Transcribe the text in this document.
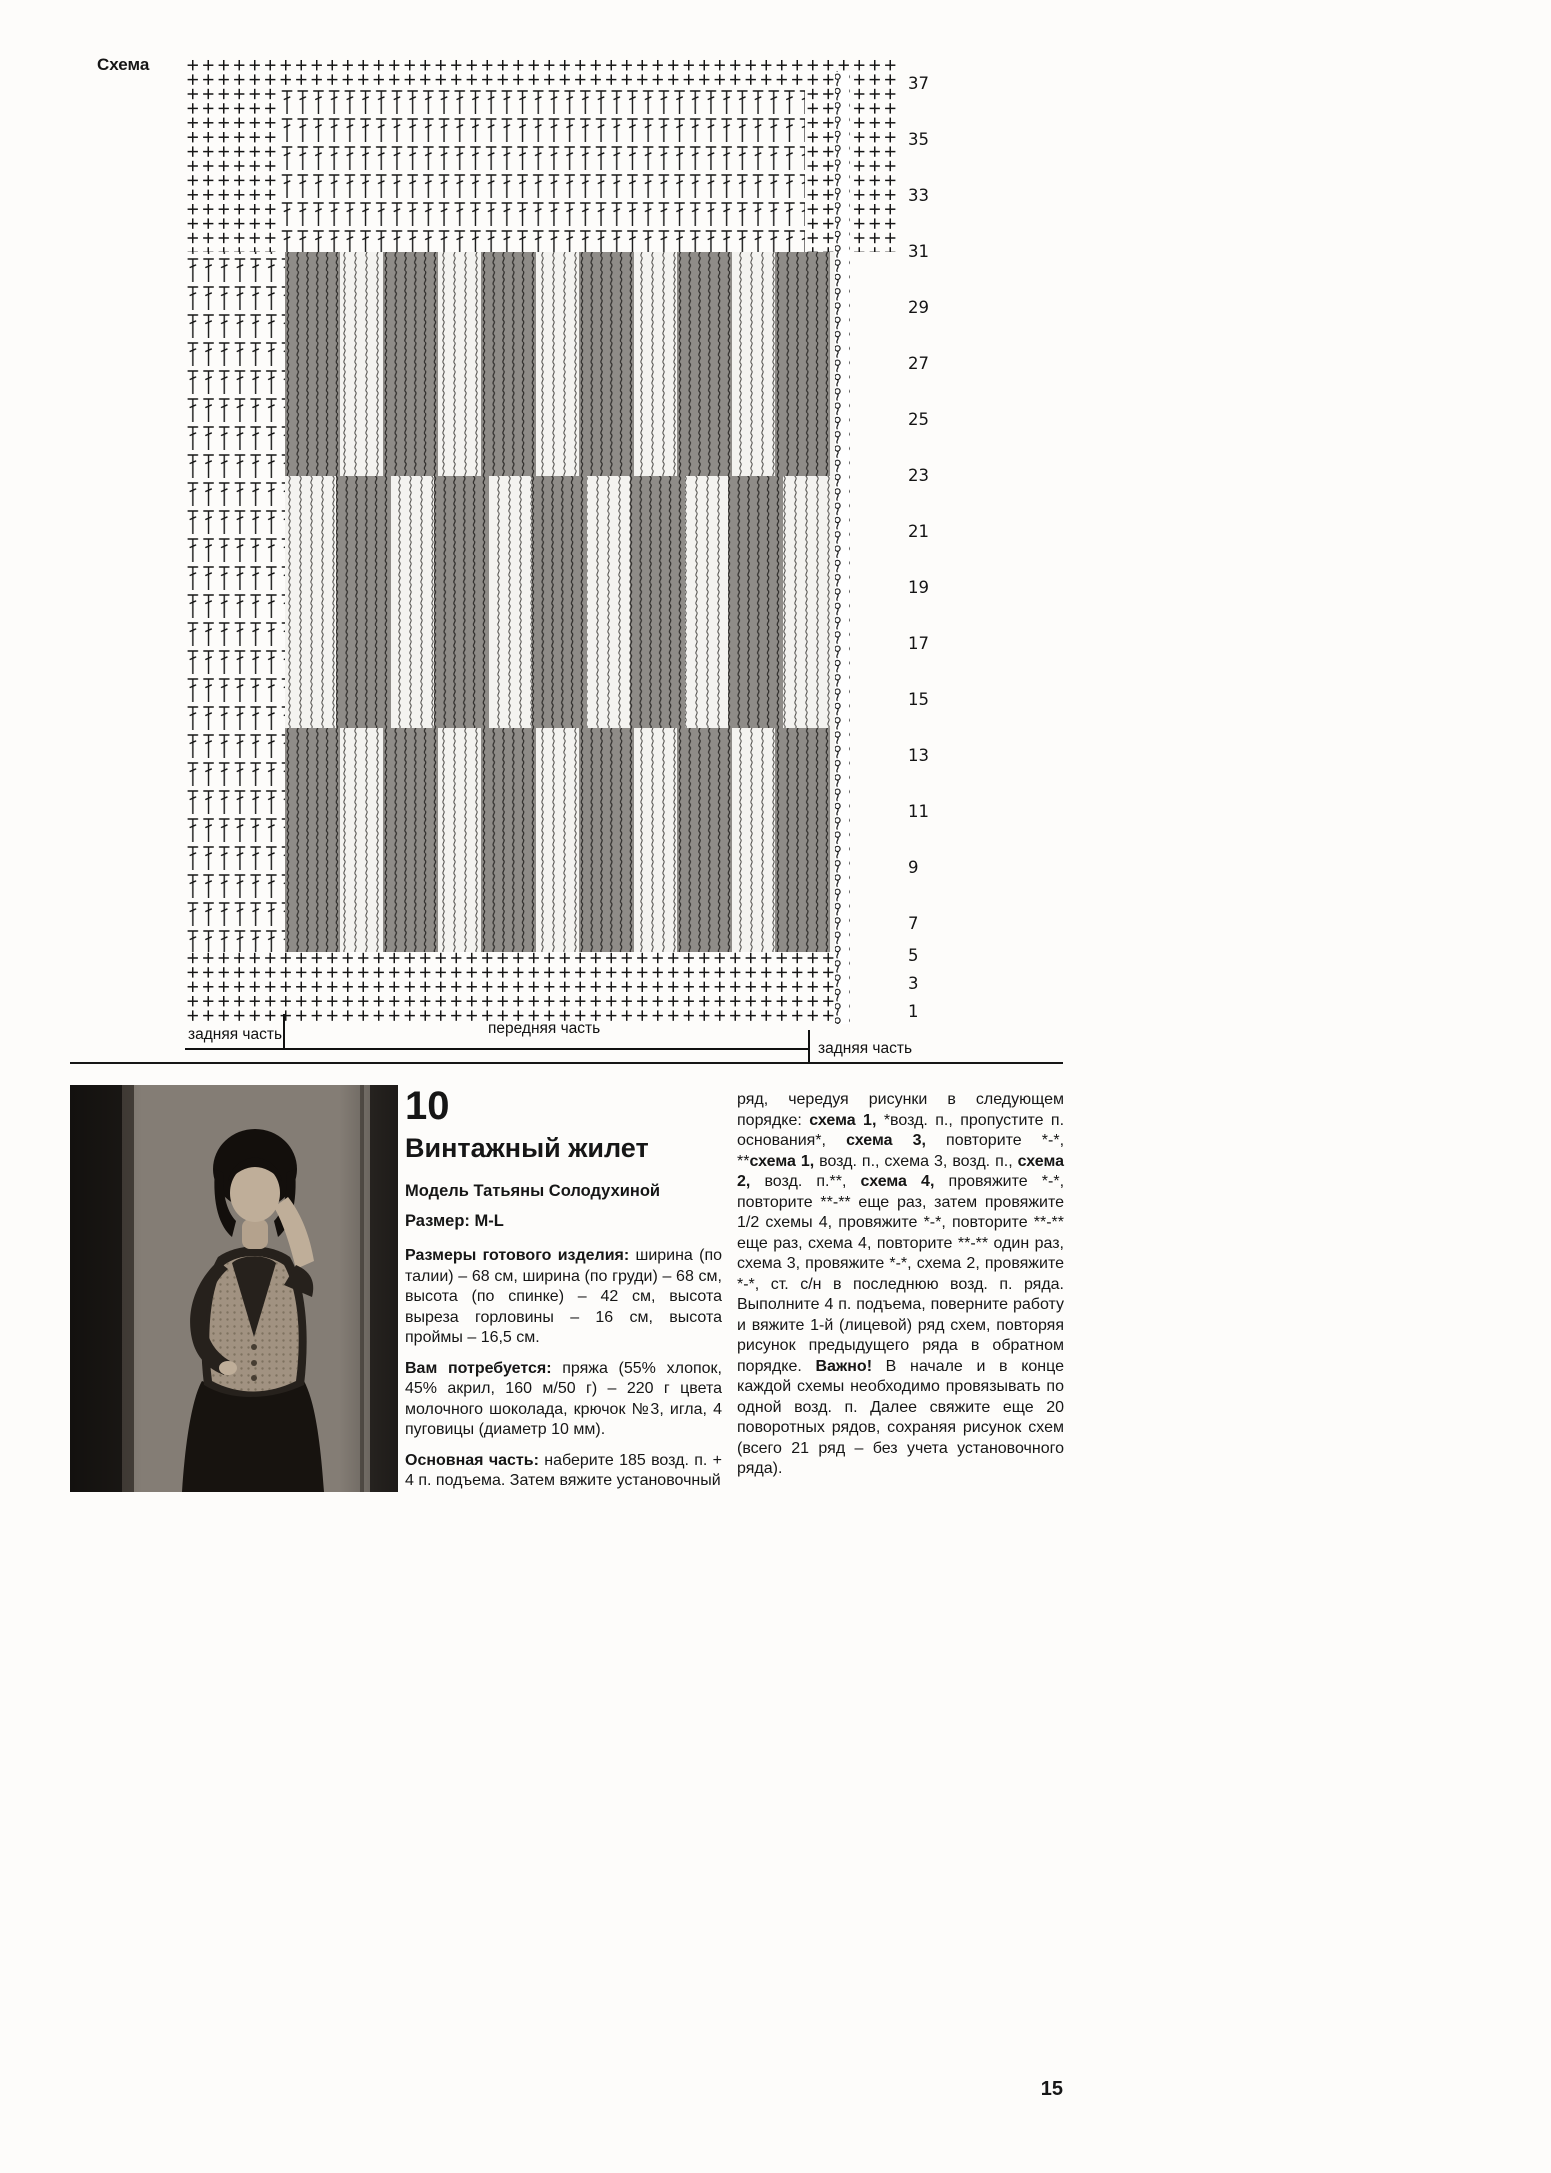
Схема
37
35
33
31
29
27
25
23
21
19
17
15
13
11
9
7
5
3
1
задняя часть	передняя часть
задняя часть
10
Винтажный жилет

Модель Татьяны Солодухиной

Размер: M-L

Размеры готового изделия: ширина (по талии) – 68 см, ширина (по груди) – 68 см, высота (по спинке) – 42 см, высота выреза горловины – 16 см, высота проймы – 16,5 см.

Вам потребуется: пряжа (55% хлопок, 45% акрил, 160 м/50 г) – 220 г цвета молочного шоколада, крючок №3, игла, 4 пуговицы (диаметр 10 мм).

Основная часть: наберите 185 возд. п. + 4 п. подъема. Затем вяжите установочный

ряд, чередуя рисунки в следующем порядке: схема 1, *возд. п., пропустите п. основания*, схема 3, повторите *-*, **схема 1, возд. п., схема 3, возд. п., схема 2, возд. п.**, схема 4, провяжите *-*, повторите **-** еще раз, затем провяжите 1/2 схемы 4, провяжите *-*, повторите **-** еще раз, схема 4, повторите **-** один раз, схема 3, провяжите *-*, схема 2, провяжите *-*, ст. с/н в последнюю возд. п. ряда. Выполните 4 п. подъема, поверните работу и вяжите 1-й (лицевой) ряд схем, повторяя рисунок предыдущего ряда в обратном порядке. Важно! В начале и в конце каждой схемы необходимо провязывать по одной возд. п. Далее свяжите еще 20 поворотных рядов, сохраняя рисунок схем (всего 21 ряд – без учета установочного ряда).
15
